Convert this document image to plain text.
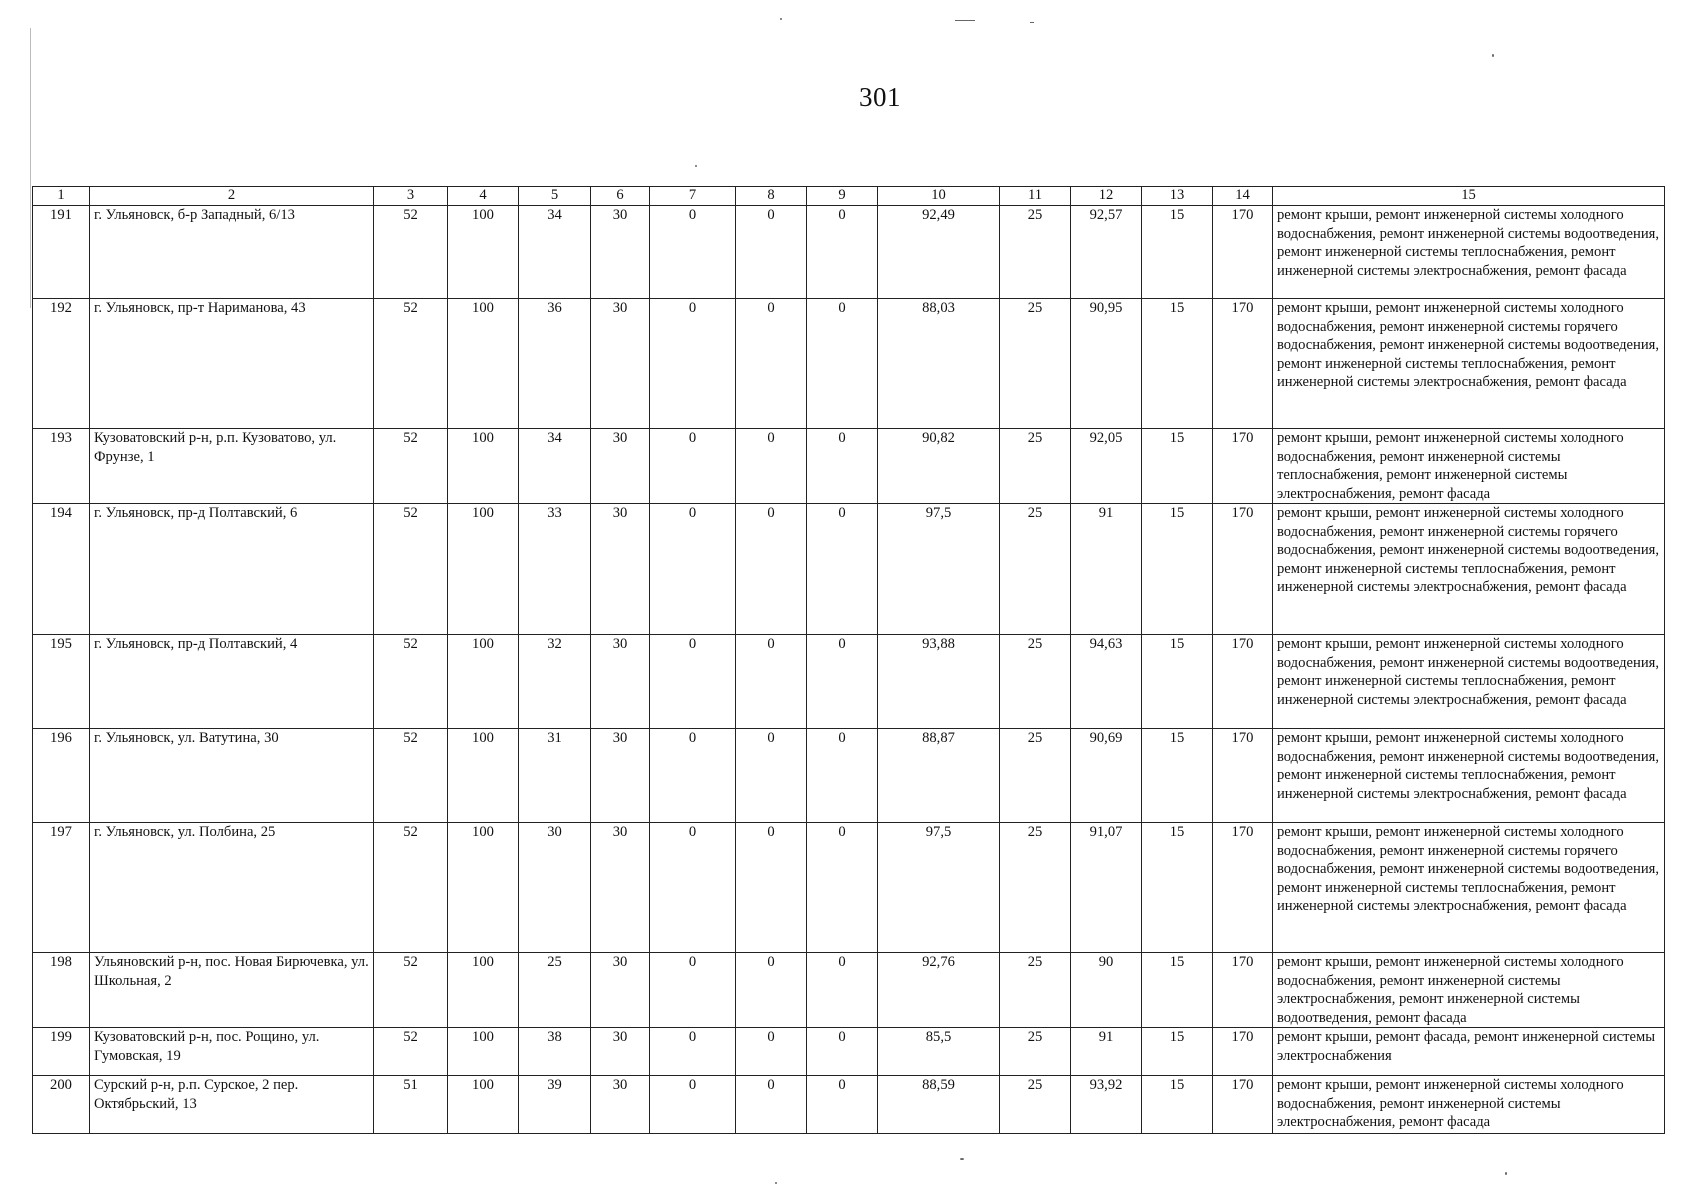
301
1	2	3	4	5	6	7	8	9	10	11	12	13	14	15
191	г. Ульяновск, б-р Западный, 6/13	52	100	34	30	0	0	0	92,49	25	92,57	15	170	ремонт крыши, ремонт инженерной системы холодного водоснабжения, ремонт инженерной системы водоотведения, ремонт инженерной системы теплоснабжения, ремонт инженерной системы электроснабжения, ремонт фасада
192	г. Ульяновск, пр-т Нариманова, 43	52	100	36	30	0	0	0	88,03	25	90,95	15	170	ремонт крыши, ремонт инженерной системы холодного водоснабжения, ремонт инженерной системы горячего водоснабжения, ремонт инженерной системы водоотведения, ремонт инженерной системы теплоснабжения, ремонт инженерной системы электроснабжения, ремонт фасада
193	Кузоватовский р-н, р.п. Кузоватово, ул. Фрунзе, 1	52	100	34	30	0	0	0	90,82	25	92,05	15	170	ремонт крыши, ремонт инженерной системы холодного водоснабжения, ремонт инженерной системы теплоснабжения, ремонт инженерной системы электроснабжения, ремонт фасада
194	г. Ульяновск, пр-д Полтавский, 6	52	100	33	30	0	0	0	97,5	25	91	15	170	ремонт крыши, ремонт инженерной системы холодного водоснабжения, ремонт инженерной системы горячего водоснабжения, ремонт инженерной системы водоотведения, ремонт инженерной системы теплоснабжения, ремонт инженерной системы электроснабжения, ремонт фасада
195	г. Ульяновск, пр-д Полтавский, 4	52	100	32	30	0	0	0	93,88	25	94,63	15	170	ремонт крыши, ремонт инженерной системы холодного водоснабжения, ремонт инженерной системы водоотведения, ремонт инженерной системы теплоснабжения, ремонт инженерной системы электроснабжения, ремонт фасада
196	г. Ульяновск, ул. Ватутина, 30	52	100	31	30	0	0	0	88,87	25	90,69	15	170	ремонт крыши, ремонт инженерной системы холодного водоснабжения, ремонт инженерной системы водоотведения, ремонт инженерной системы теплоснабжения, ремонт инженерной системы электроснабжения, ремонт фасада
197	г. Ульяновск, ул. Полбина, 25	52	100	30	30	0	0	0	97,5	25	91,07	15	170	ремонт крыши, ремонт инженерной системы холодного водоснабжения, ремонт инженерной системы горячего водоснабжения, ремонт инженерной системы водоотведения, ремонт инженерной системы теплоснабжения, ремонт инженерной системы электроснабжения, ремонт фасада
198	Ульяновский р-н, пос. Новая Бирючевка, ул. Школьная, 2	52	100	25	30	0	0	0	92,76	25	90	15	170	ремонт крыши, ремонт инженерной системы холодного водоснабжения, ремонт инженерной системы электроснабжения, ремонт инженерной системы водоотведения, ремонт фасада
199	Кузоватовский р-н, пос. Рощино, ул. Гумовская, 19	52	100	38	30	0	0	0	85,5	25	91	15	170	ремонт крыши, ремонт фасада, ремонт инженерной системы электроснабжения
200	Сурский р-н, р.п. Сурское, 2 пер. Октябрьский, 13	51	100	39	30	0	0	0	88,59	25	93,92	15	170	ремонт крыши, ремонт инженерной системы холодного водоснабжения, ремонт инженерной системы электроснабжения, ремонт фасада
